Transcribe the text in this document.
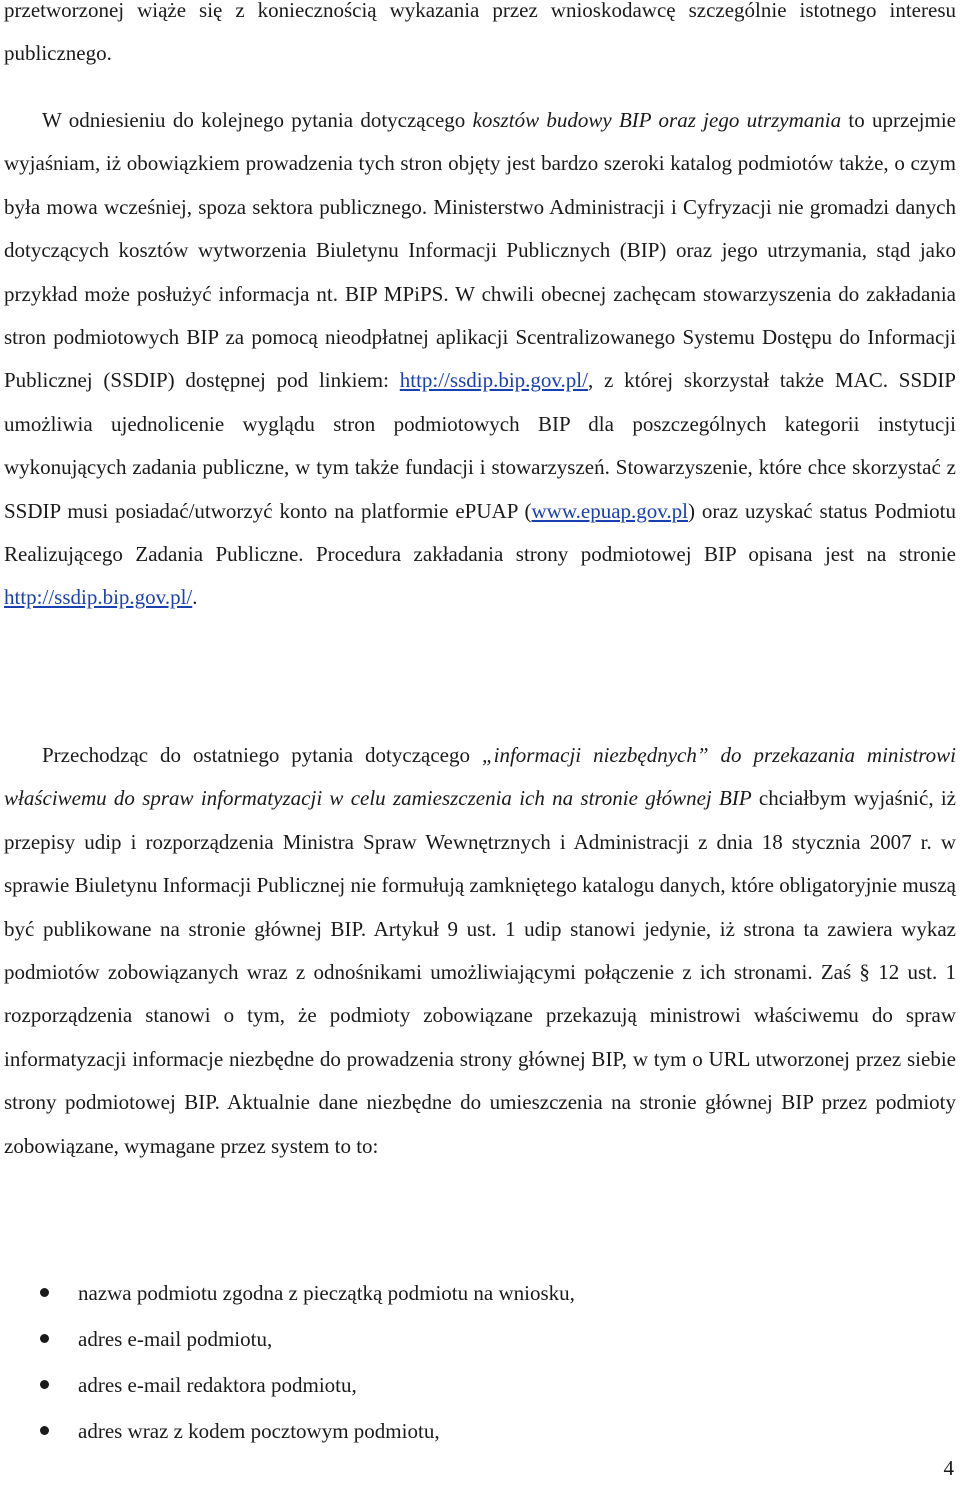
przetworzonej wiąże się z koniecznością wykazania przez wnioskodawcę szczególnie istotnego interesu publicznego.

W odniesieniu do kolejnego pytania dotyczącego kosztów budowy BIP oraz jego utrzymania to uprzejmie wyjaśniam, iż obowiązkiem prowadzenia tych stron objęty jest bardzo szeroki katalog podmiotów także, o czym była mowa wcześniej, spoza sektora publicznego. Ministerstwo Administracji i Cyfryzacji nie gromadzi danych dotyczących kosztów wytworzenia Biuletynu Informacji Publicznych (BIP) oraz jego utrzymania, stąd jako przykład może posłużyć informacja nt. BIP MPiPS. W chwili obecnej zachęcam stowarzyszenia do zakładania stron podmiotowych BIP za pomocą nieodpłatnej aplikacji Scentralizowanego Systemu Dostępu do Informacji Publicznej (SSDIP) dostępnej pod linkiem: http://ssdip.bip.gov.pl/, z której skorzystał także MAC. SSDIP umożliwia ujednolicenie wyglądu stron podmiotowych BIP dla poszczególnych kategorii instytucji wykonujących zadania publiczne, w tym także fundacji i stowarzyszeń. Stowarzyszenie, które chce skorzystać z SSDIP musi posiadać/utworzyć konto na platformie ePUAP (www.epuap.gov.pl) oraz uzyskać status Podmiotu Realizującego Zadania Publiczne. Procedura zakładania strony podmiotowej BIP opisana jest na stronie http://ssdip.bip.gov.pl/.

Przechodząc do ostatniego pytania dotyczącego „informacji niezbędnych” do przekazania ministrowi właściwemu do spraw informatyzacji w celu zamieszczenia ich na stronie głównej BIP chciałbym wyjaśnić, iż przepisy udip i rozporządzenia Ministra Spraw Wewnętrznych i Administracji z dnia 18 stycznia 2007 r. w sprawie Biuletynu Informacji Publicznej nie formułują zamkniętego katalogu danych, które obligatoryjnie muszą być publikowane na stronie głównej BIP. Artykuł 9 ust. 1 udip stanowi jedynie, iż strona ta zawiera wykaz podmiotów zobowiązanych wraz z odnośnikami umożliwiającymi połączenie z ich stronami. Zaś § 12 ust. 1 rozporządzenia stanowi o tym, że podmioty zobowiązane przekazują ministrowi właściwemu do spraw informatyzacji informacje niezbędne do prowadzenia strony głównej BIP, w tym o URL utworzonej przez siebie strony podmiotowej BIP. Aktualnie dane niezbędne do umieszczenia na stronie głównej BIP przez podmioty zobowiązane, wymagane przez system to to:

nazwa podmiotu zgodna z pieczątką podmiotu na wniosku,
adres e-mail podmiotu,
adres e-mail redaktora podmiotu,
adres wraz z kodem pocztowym podmiotu,
4
